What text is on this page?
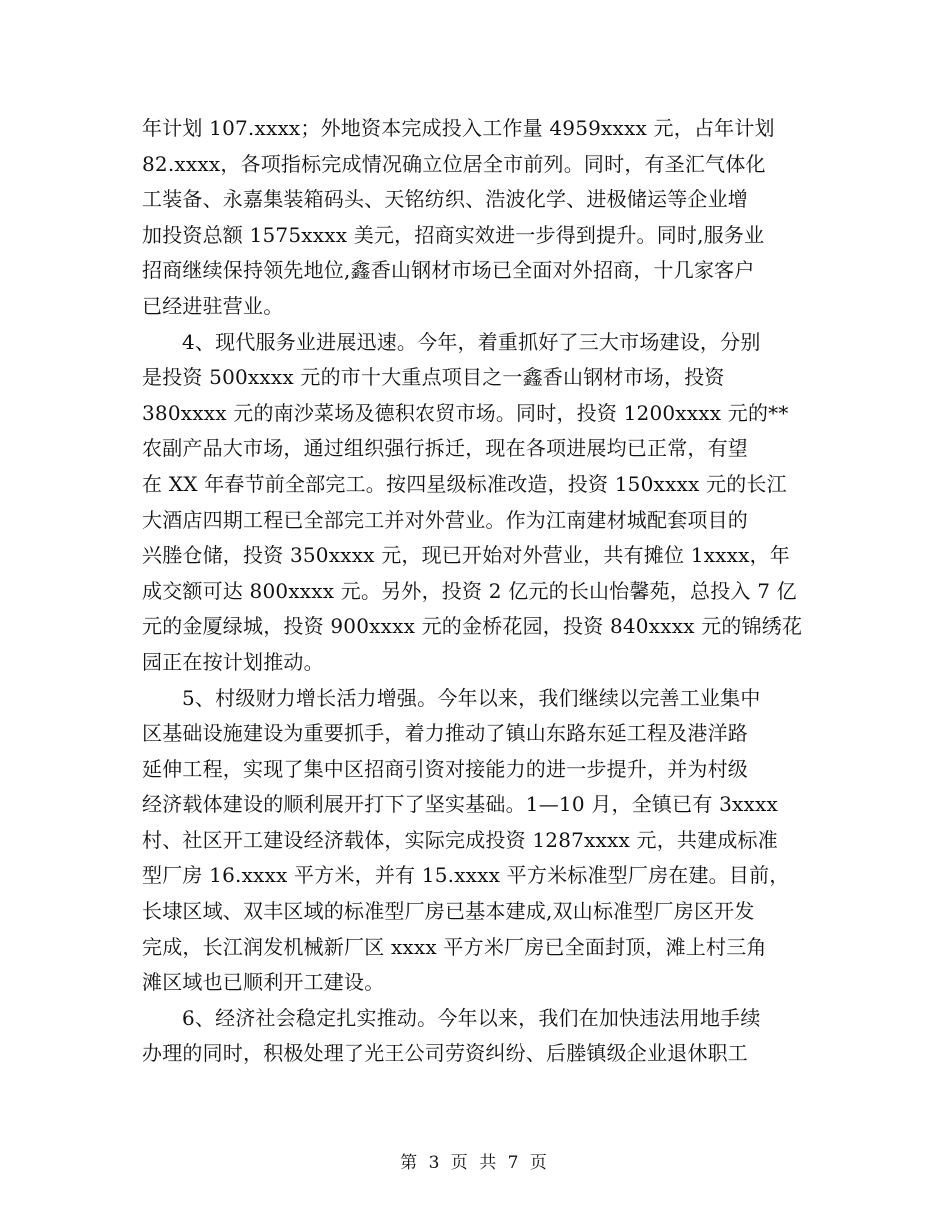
年计划 107.xxxx；外地资本完成投入工作量 4959xxxx 元，占年计划
82.xxxx，各项指标完成情况确立位居全市前列。同时，有圣汇气体化
工装备、永嘉集装箱码头、天铭纺织、浩波化学、进极储运等企业增
加投资总额 1575xxxx 美元，招商实效进一步得到提升。同时,服务业
招商继续保持领先地位,鑫香山钢材市场已全面对外招商，十几家客户
已经进驻营业。
4、现代服务业进展迅速。今年，着重抓好了三大市场建设，分别
是投资 500xxxx 元的市十大重点项目之一鑫香山钢材市场，投资
380xxxx 元的南沙菜场及德积农贸市场。同时，投资 1200xxxx 元的**
农副产品大市场，通过组织强行拆迁，现在各项进展均已正常，有望
在 XX 年春节前全部完工。按四星级标准改造，投资 150xxxx 元的长江
大酒店四期工程已全部完工并对外营业。作为江南建材城配套项目的
兴塍仓储，投资 350xxxx 元，现已开始对外营业，共有摊位 1xxxx，年
成交额可达 800xxxx 元。另外，投资 2 亿元的长山怡馨苑，总投入 7 亿
元的金厦绿城，投资 900xxxx 元的金桥花园，投资 840xxxx 元的锦绣花
园正在按计划推动。
5、村级财力增长活力增强。今年以来，我们继续以完善工业集中
区基础设施建设为重要抓手，着力推动了镇山东路东延工程及港洋路
延伸工程，实现了集中区招商引资对接能力的进一步提升，并为村级
经济载体建设的顺利展开打下了坚实基础。1—10 月，全镇已有 3xxxx
村、社区开工建设经济载体，实际完成投资 1287xxxx 元，共建成标准
型厂房 16.xxxx 平方米，并有 15.xxxx 平方米标准型厂房在建。目前，
长埭区域、双丰区域的标准型厂房已基本建成,双山标准型厂房区开发
完成，长江润发机械新厂区 xxxx 平方米厂房已全面封顶，滩上村三角
滩区域也已顺利开工建设。
6、经济社会稳定扎实推动。今年以来，我们在加快违法用地手续
办理的同时，积极处理了光王公司劳资纠纷、后塍镇级企业退休职工
第 3 页 共 7 页
